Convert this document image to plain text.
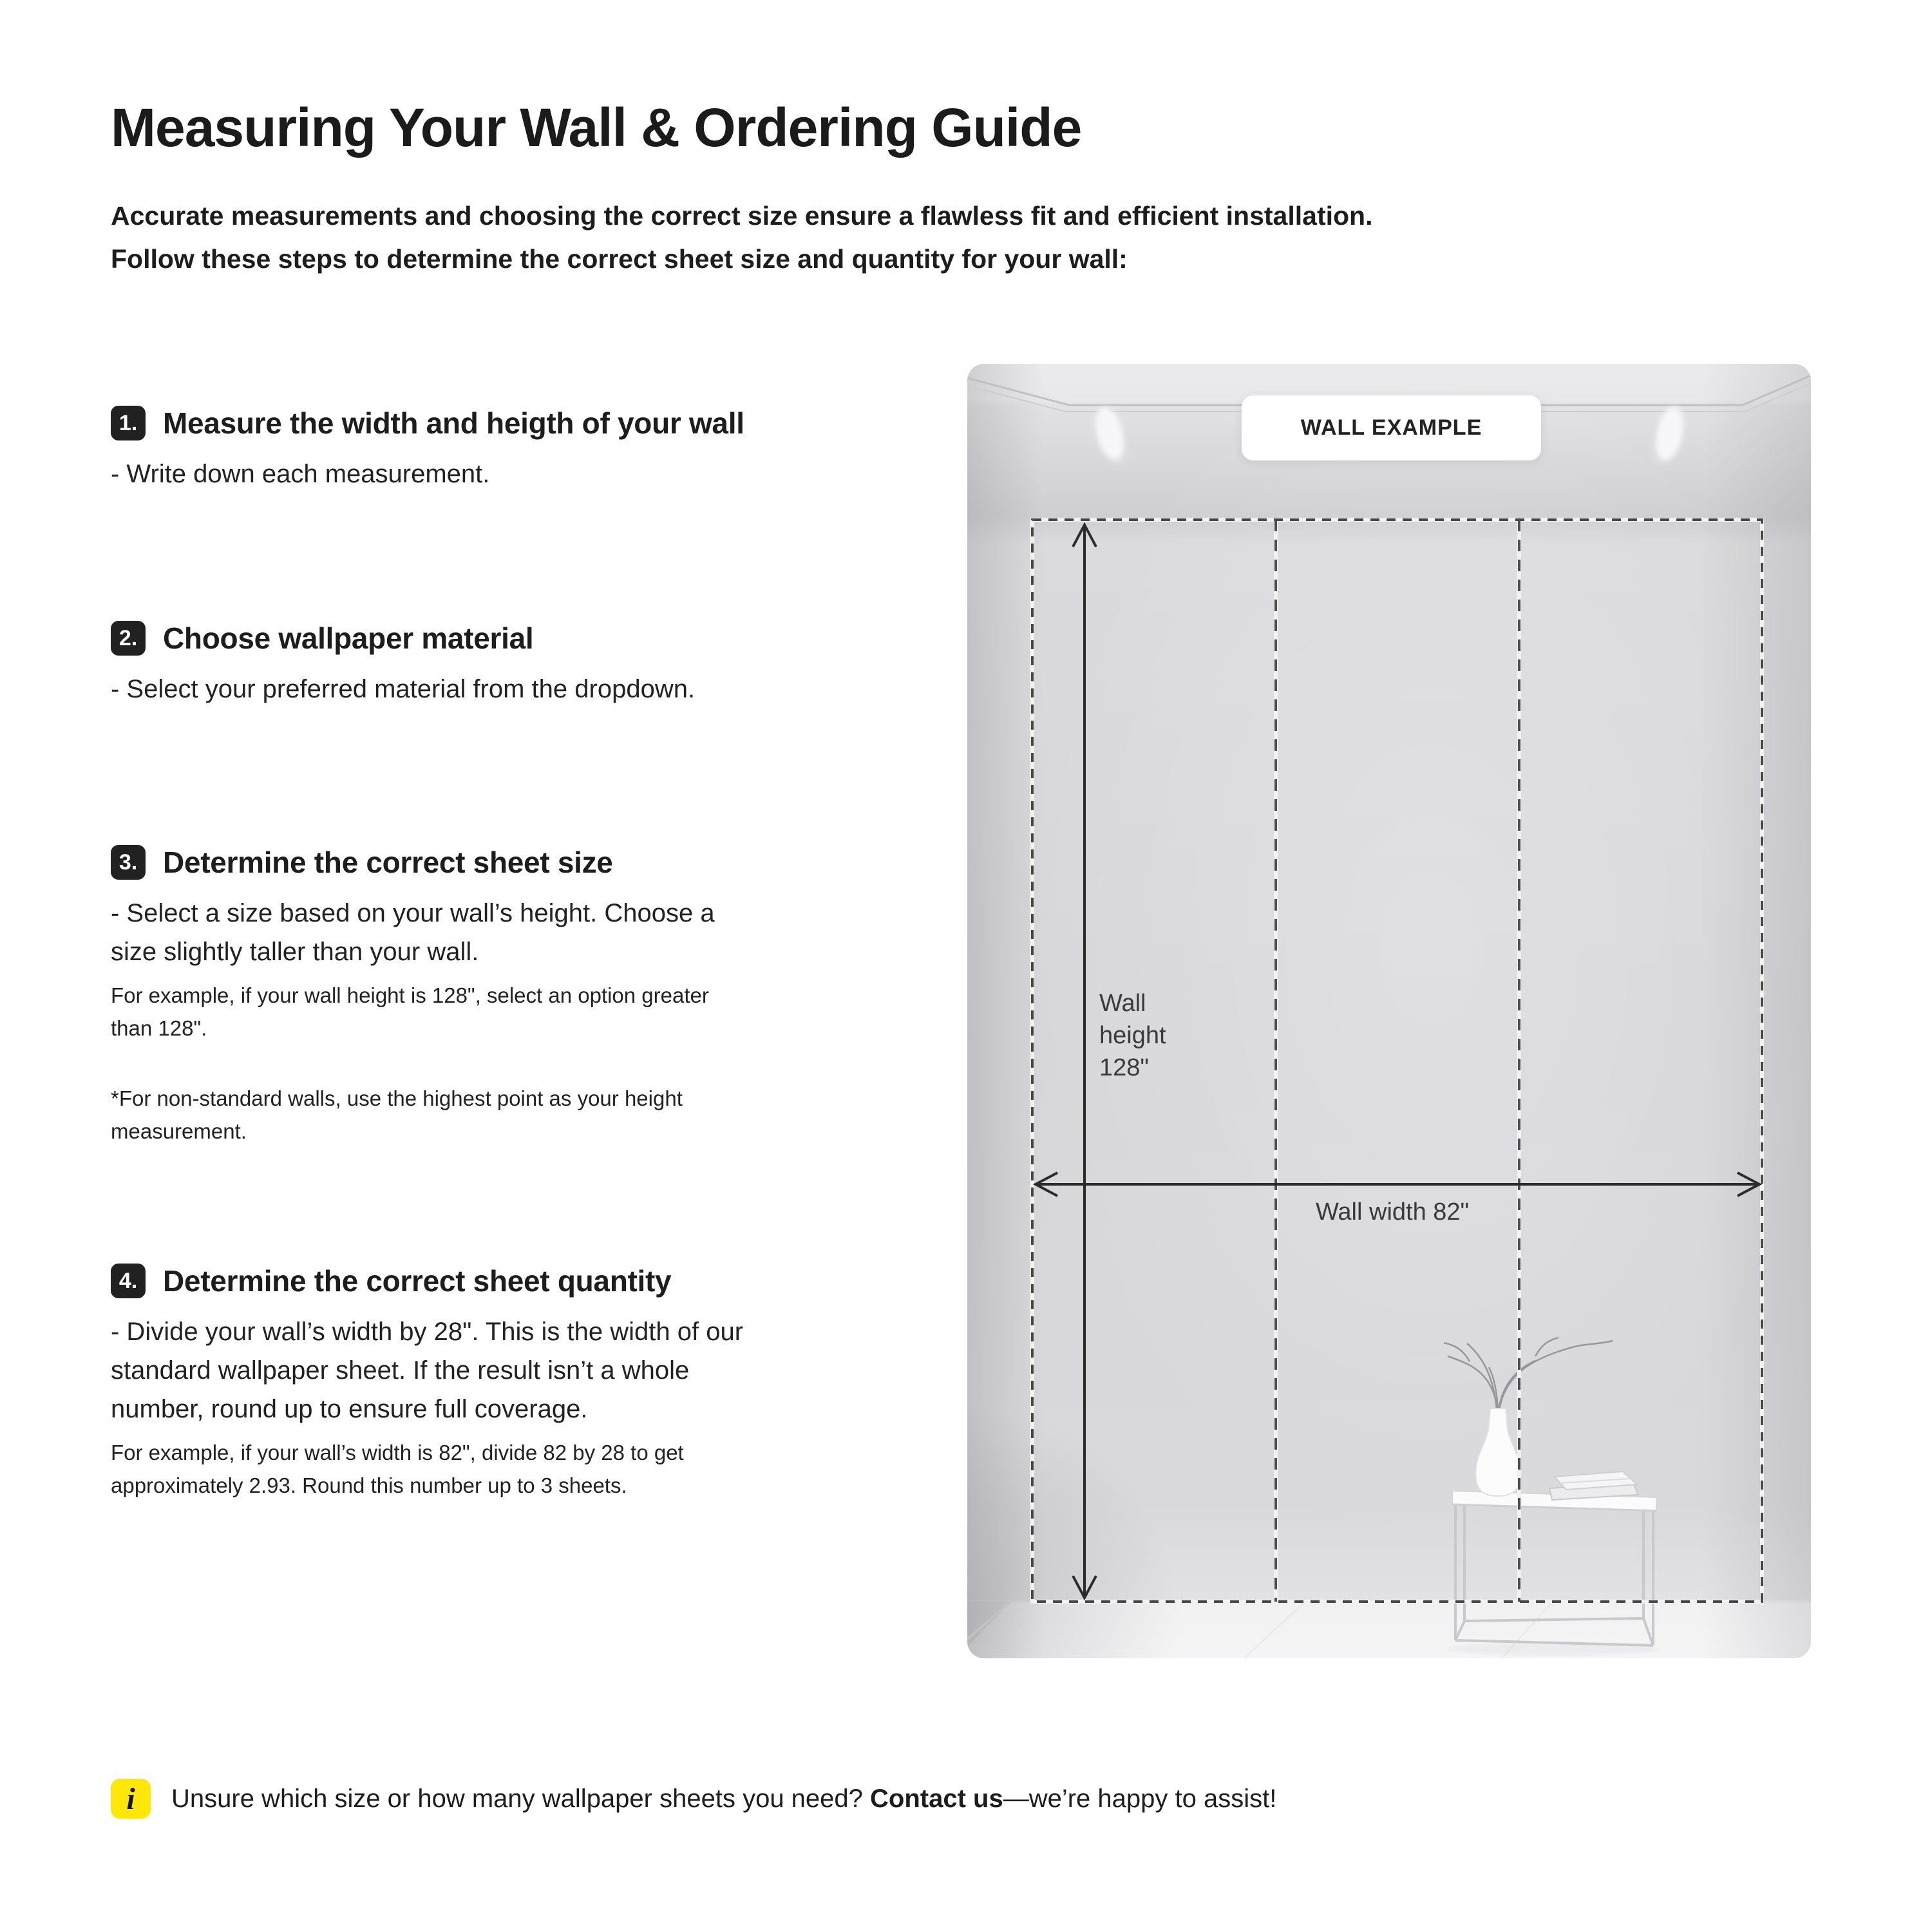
Measuring Your Wall & Ordering Guide

Accurate measurements and choosing the correct size ensure a flawless fit and efficient installation.
Follow these steps to determine the correct sheet size and quantity for your wall:

1. Measure the width and heigth of your wall

- Write down each measurement.

2. Choose wallpaper material

- Select your preferred material from the dropdown.

3. Determine the correct sheet size

- Select a size based on your wall’s height. Choose a
size slightly taller than your wall.

For example, if your wall height is 128", select an option greater
than 128".

*For non-standard walls, use the highest point as your height
measurement.

4. Determine the correct sheet quantity

- Divide your wall’s width by 28". This is the width of our
standard wallpaper sheet. If the result isn’t a whole
number, round up to ensure full coverage.

For example, if your wall’s width is 82", divide 82 by 28 to get
approximately 2.93. Round this number up to 3 sheets.

WALL EXAMPLE
Wall
height
128"
Wall width 82"
i	Unsure which size or how many wallpaper sheets you need? Contact us—we’re happy to assist!
